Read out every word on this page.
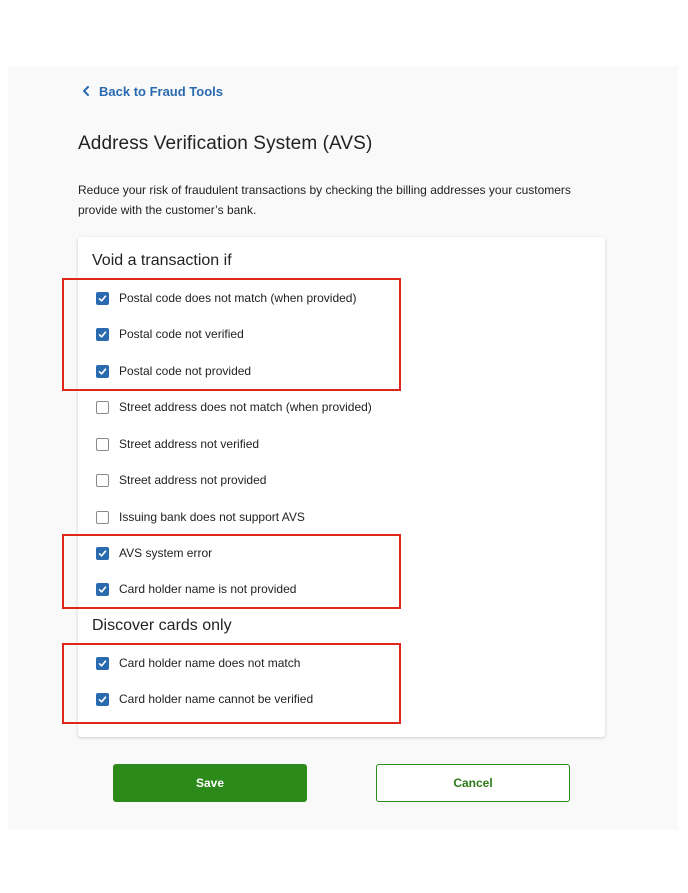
Back to Fraud Tools
Address Verification System (AVS)
Reduce your risk of fraudulent transactions by checking the billing addresses your customers
provide with the customer’s bank.
Void a transaction if
Postal code does not match (when provided)
Postal code not verified
Postal code not provided
Street address does not match (when provided)
Street address not verified
Street address not provided
Issuing bank does not support AVS
AVS system error
Card holder name is not provided
Discover cards only
Card holder name does not match
Card holder name cannot be verified
Save	Cancel
